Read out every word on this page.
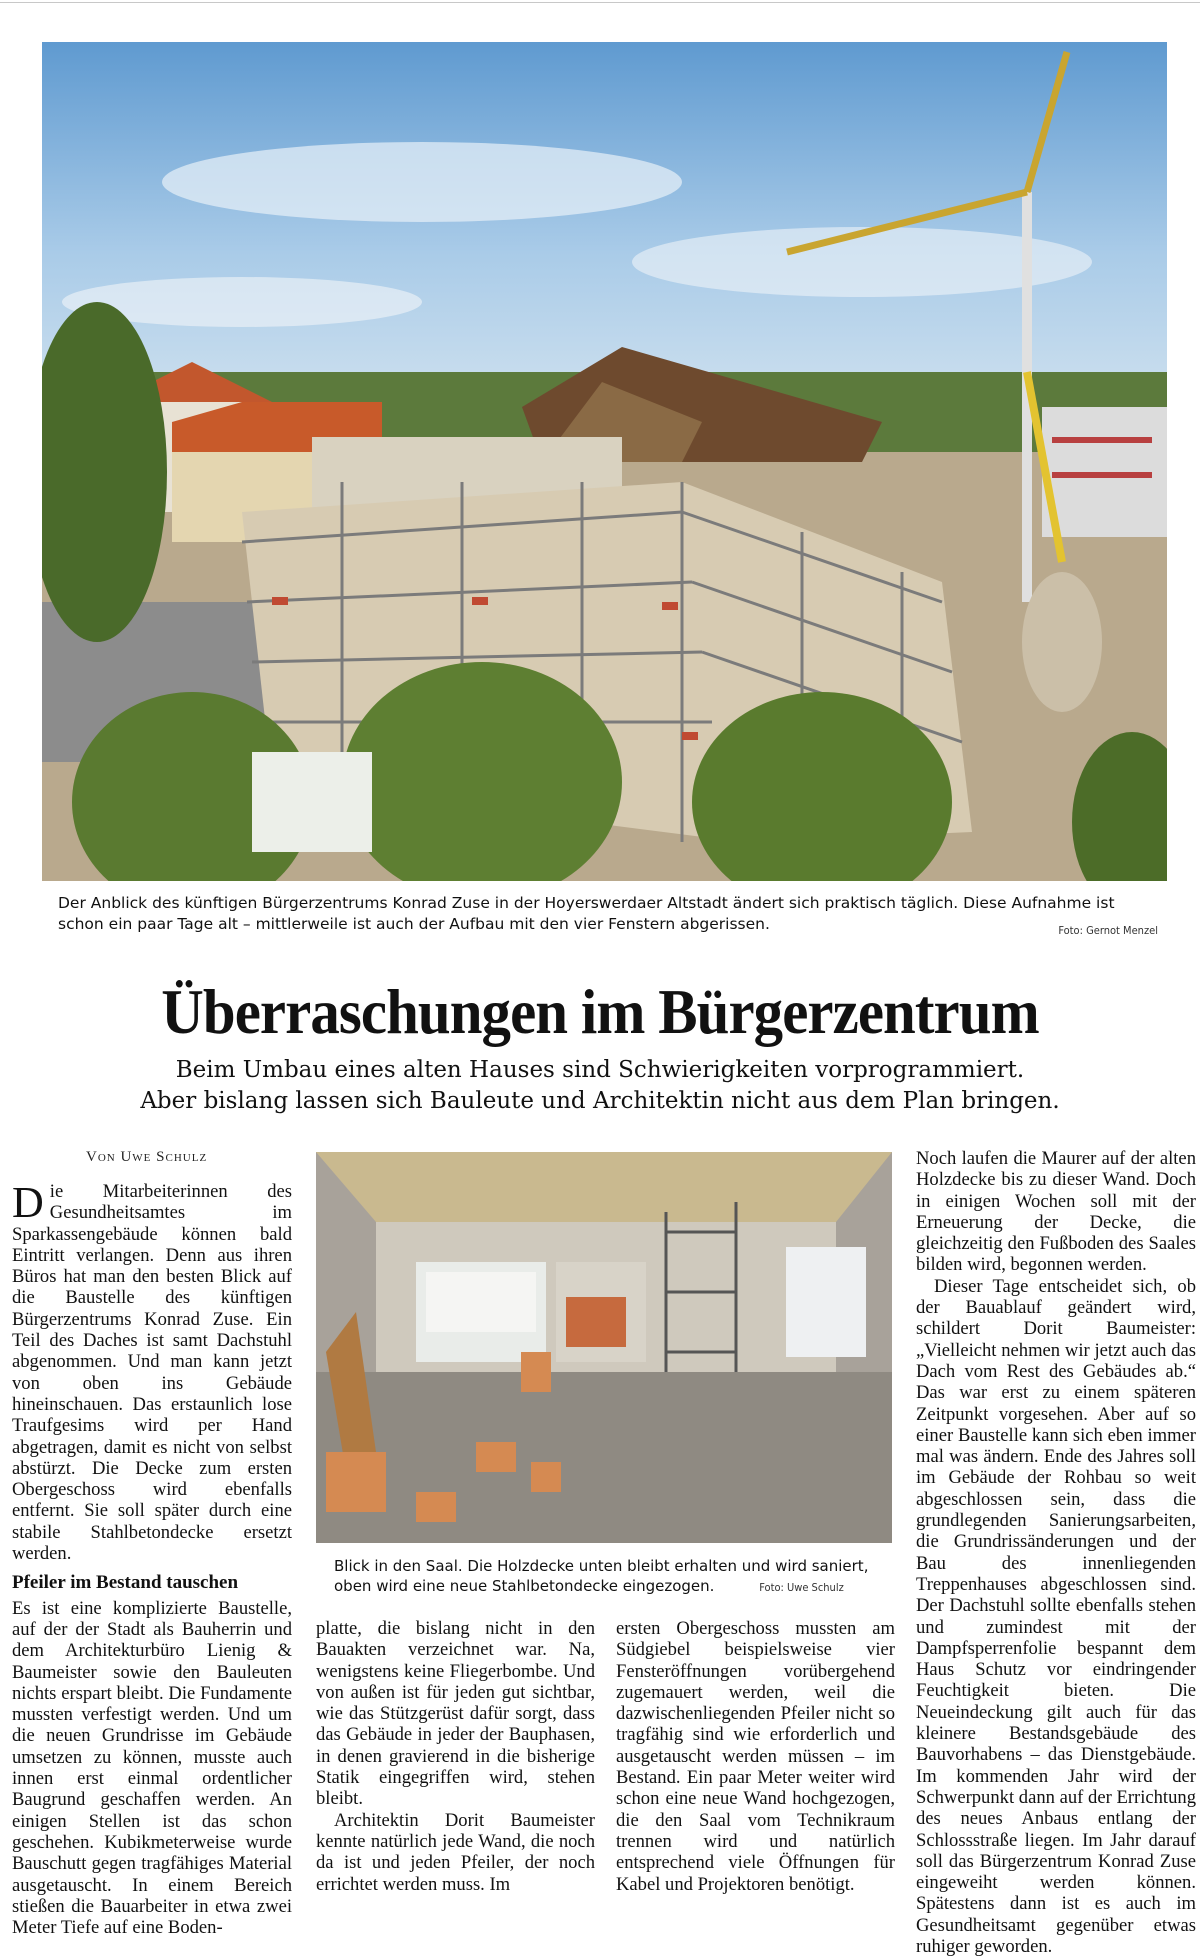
Der Anblick des künftigen Bürgerzentrums Konrad Zuse in der Hoyerswerdaer Altstadt ändert sich praktisch täglich. Diese Aufnahme ist schon ein paar Tage alt – mittlerweile ist auch der Aufbau mit den vier Fenstern abgerissen.	Foto: Gernot Menzel
Überraschungen im Bürgerzentrum
Beim Umbau eines alten Hauses sind Schwierigkeiten vorprogrammiert.
Aber bislang lassen sich Bauleute und Architektin nicht aus dem Plan bringen.
Von Uwe Schulz

Die Mitarbeiterinnen des Gesundheitsamtes im Sparkassengebäude können bald Eintritt verlangen. Denn aus ihren Büros hat man den besten Blick auf die Baustelle des künftigen Bürgerzentrums Konrad Zuse. Ein Teil des Daches ist samt Dachstuhl abgenommen. Und man kann jetzt von oben ins Gebäude hineinschauen. Das erstaunlich lose Traufgesims wird per Hand abgetragen, damit es nicht von selbst abstürzt. Die Decke zum ersten Obergeschoss wird ebenfalls entfernt. Sie soll später durch eine stabile Stahlbetondecke ersetzt werden.

Pfeiler im Bestand tauschen

Es ist eine komplizierte Baustelle, auf der der Stadt als Bauherrin und dem Architekturbüro Lienig & Baumeister sowie den Bauleuten nichts erspart bleibt. Die Fundamente mussten verfestigt werden. Und um die neuen Grundrisse im Gebäude umsetzen zu können, musste auch innen erst einmal ordentlicher Baugrund geschaffen werden. An einigen Stellen ist das schon geschehen. Kubikmeterweise wurde Bauschutt gegen tragfähiges Material ausgetauscht. In einem Bereich stießen die Bauarbeiter in etwa zwei Meter Tiefe auf eine Boden-

Blick in den Saal. Die Holzdecke unten bleibt erhalten und wird saniert, oben wird eine neue Stahlbetondecke eingezogen.	Foto: Uwe Schulz

platte, die bislang nicht in den Bauakten verzeichnet war. Na, wenigstens keine Fliegerbombe. Und von außen ist für jeden gut sichtbar, wie das Stützgerüst dafür sorgt, dass das Gebäude in jeder der Bauphasen, in denen gravierend in die bisherige Statik eingegriffen wird, stehen bleibt.

Architektin Dorit Baumeister kennte natürlich jede Wand, die noch da ist und jeden Pfeiler, der noch errichtet werden muss. Im

ersten Obergeschoss mussten am Südgiebel beispielsweise vier Fensteröffnungen vorübergehend zugemauert werden, weil die dazwischenliegenden Pfeiler nicht so tragfähig sind wie erforderlich und ausgetauscht werden müssen – im Bestand. Ein paar Meter weiter wird schon eine neue Wand hochgezogen, die den Saal vom Technikraum trennen wird und natürlich entsprechend viele Öffnungen für Kabel und Projektoren benötigt.

Noch laufen die Maurer auf der alten Holzdecke bis zu dieser Wand. Doch in einigen Wochen soll mit der Erneuerung der Decke, die gleichzeitig den Fußboden des Saales bilden wird, begonnen werden.

Dieser Tage entscheidet sich, ob der Bauablauf geändert wird, schildert Dorit Baumeister: „Vielleicht nehmen wir jetzt auch das Dach vom Rest des Gebäudes ab.“ Das war erst zu einem späteren Zeitpunkt vorgesehen. Aber auf so einer Baustelle kann sich eben immer mal was ändern. Ende des Jahres soll im Gebäude der Rohbau so weit abgeschlossen sein, dass die grundlegenden Sanierungsarbeiten, die Grundrissänderungen und der Bau des innenliegenden Treppenhauses abgeschlossen sind. Der Dachstuhl sollte ebenfalls stehen und zumindest mit der Dampfsperrenfolie bespannt dem Haus Schutz vor eindringender Feuchtigkeit bieten. Die Neueindeckung gilt auch für das kleinere Bestandsgebäude des Bauvorhabens – das Dienstgebäude. Im kommenden Jahr wird der Schwerpunkt dann auf der Errichtung des neues Anbaus entlang der Schlossstraße liegen. Im Jahr darauf soll das Bürgerzentrum Konrad Zuse eingeweiht werden können. Spätestens dann ist es auch im Gesundheitsamt gegenüber etwas ruhiger geworden.
